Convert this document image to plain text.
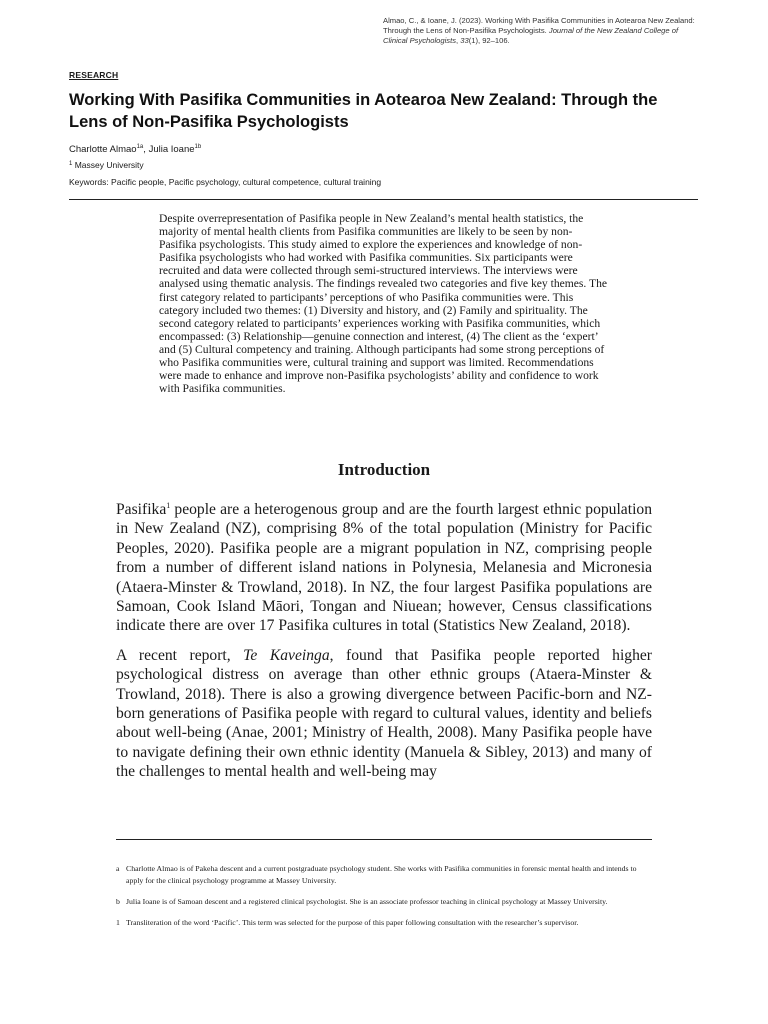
Almao, C., & Ioane, J. (2023). Working With Pasifika Communities in Aotearoa New Zealand: Through the Lens of Non-Pasifika Psychologists. Journal of the New Zealand College of Clinical Psychologists, 33(1), 92–106.
RESEARCH
Working With Pasifika Communities in Aotearoa New Zealand: Through the Lens of Non-Pasifika Psychologists
Charlotte Almao$^{1a}$, Julia Ioane$^{1b}$
$^1$ Massey University
Keywords: Pacific people, Pacific psychology, cultural competence, cultural training
Despite overrepresentation of Pasifika people in New Zealand’s mental health statistics, the majority of mental health clients from Pasifika communities are likely to be seen by non-Pasifika psychologists. This study aimed to explore the experiences and knowledge of non-Pasifika psychologists who had worked with Pasifika communities. Six participants were recruited and data were collected through semi-structured interviews. The interviews were analysed using thematic analysis. The findings revealed two categories and five key themes. The first category related to participants’ perceptions of who Pasifika communities were. This category included two themes: (1) Diversity and history, and (2) Family and spirituality. The second category related to participants’ experiences working with Pasifika communities, which encompassed: (3) Relationship—genuine connection and interest, (4) The client as the ‘expert’ and (5) Cultural competency and training. Although participants had some strong perceptions of who Pasifika communities were, cultural training and support was limited. Recommendations were made to enhance and improve non-Pasifika psychologists’ ability and confidence to work with Pasifika communities.
Introduction

Pasifika$^1$ people are a heterogenous group and are the fourth largest ethnic population in New Zealand (NZ), comprising 8% of the total population (Ministry for Pacific Peoples, 2020). Pasifika people are a migrant population in NZ, comprising people from a number of different island nations in Polynesia, Melanesia and Micronesia (Ataera-Minster & Trowland, 2018). In NZ, the four largest Pasifika populations are Samoan, Cook Island Māori, Tongan and Niuean; however, Census classifications indicate there are over 17 Pasifika cultures in total (Statistics New Zealand, 2018).

A recent report, Te Kaveinga, found that Pasifika people reported higher psychological distress on average than other ethnic groups (Ataera-Minster & Trowland, 2018). There is also a growing divergence between Pacific-born and NZ-born generations of Pasifika people with regard to cultural values, identity and beliefs about well-being (Anae, 2001; Ministry of Health, 2008). Many Pasifika people have to navigate defining their own ethnic identity (Manuela & Sibley, 2013) and many of the challenges to mental health and well-being may

a Charlotte Almao is of Pakeha descent and a current postgraduate psychology student. She works with Pasifika communities in forensic mental health and intends to apply for the clinical psychology programme at Massey University.
b Julia Ioane is of Samoan descent and a registered clinical psychologist. She is an associate professor teaching in clinical psychology at Massey University.
1 Transliteration of the word ‘Pacific’. This term was selected for the purpose of this paper following consultation with the researcher’s supervisor.
